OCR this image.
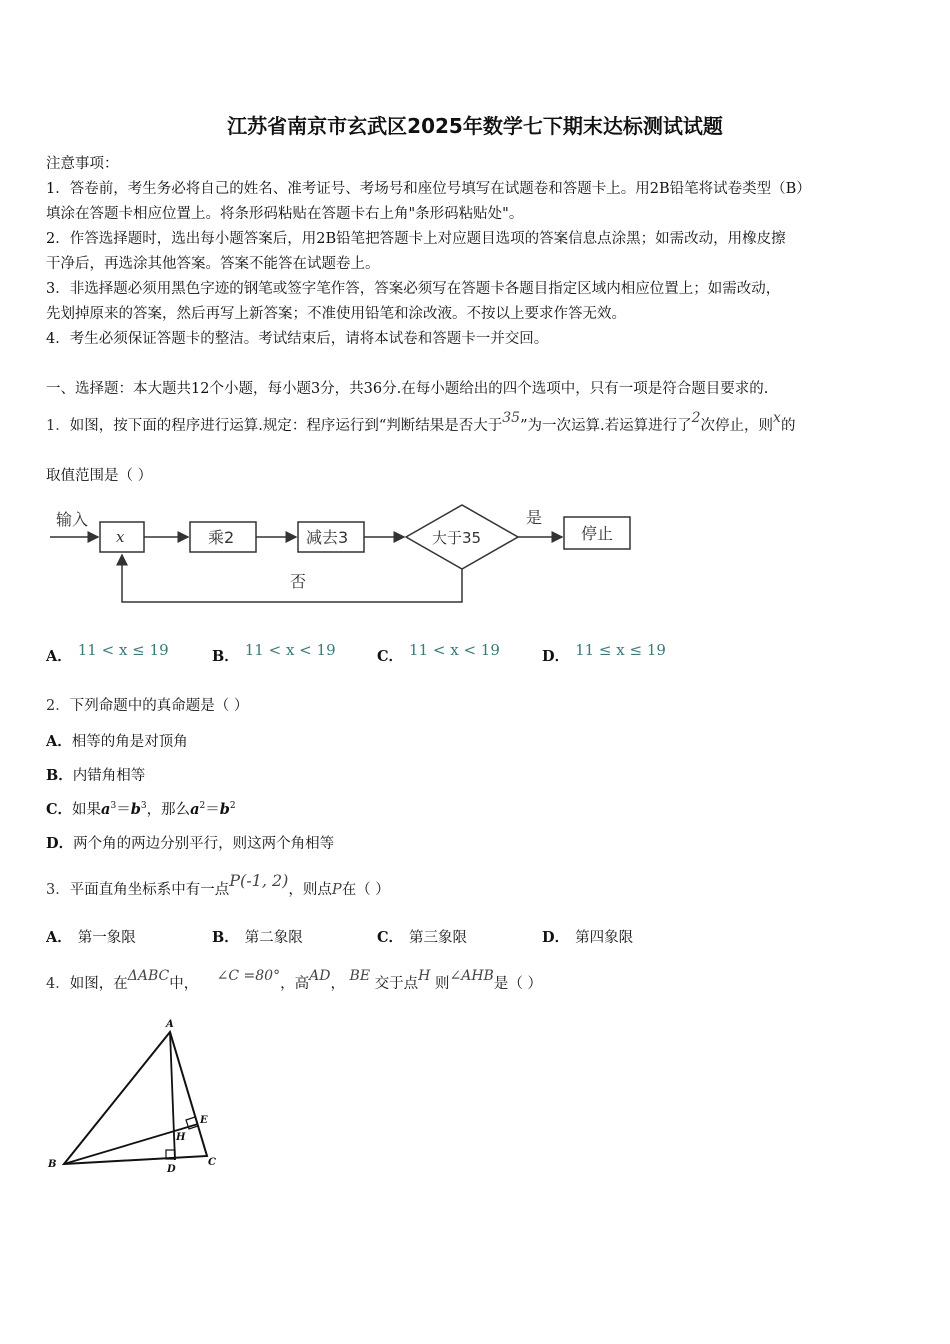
江苏省南京市玄武区2025年数学七下期末达标测试试题
注意事项：
1．答卷前，考生务必将自己的姓名、准考证号、考场号和座位号填写在试题卷和答题卡上。用2B铅笔将试卷类型（B）
填涂在答题卡相应位置上。将条形码粘贴在答题卡右上角"条形码粘贴处"。
2．作答选择题时，选出每小题答案后，用2B铅笔把答题卡上对应题目选项的答案信息点涂黑；如需改动，用橡皮擦
干净后，再选涂其他答案。答案不能答在试题卷上。
3．非选择题必须用黑色字迹的钢笔或签字笔作答，答案必须写在答题卡各题目指定区域内相应位置上；如需改动，
先划掉原来的答案，然后再写上新答案；不准使用铅笔和涂改液。不按以上要求作答无效。
4．考生必须保证答题卡的整洁。考试结束后，请将本试卷和答题卡一并交回。
一、选择题：本大题共12个小题，每小题3分，共36分.在每小题给出的四个选项中，只有一项是符合题目要求的.
1．如图，按下面的程序进行运算.规定：程序运行到“判断结果是否大于35”为一次运算.若运算进行了2次停止，则x的
取值范围是（ ）
输入
x	乘2	减去3	大于35
是
停止
否
A． 11 < x ≤ 19	B． 11 < x < 19	C． 11 < x < 19	D． 11 ≤ x ≤ 19
2．下列命题中的真命题是（ ）
A．相等的角是对顶角
B．内错角相等
C．如果$a^3=b^3$，那么$a^2=b^2$
D．两个角的两边分别平行，则这两个角相等
3．平面直角坐标系中有一点P(-1, 2)，则点P在（ ）
A． 第一象限	B． 第二象限	C． 第三象限	D． 第四象限
4．如图，在ΔABC中， ∠C =80°，高AD， BE 交于点H 则∠AHB是（ ）
A
B	C
D
E
H
